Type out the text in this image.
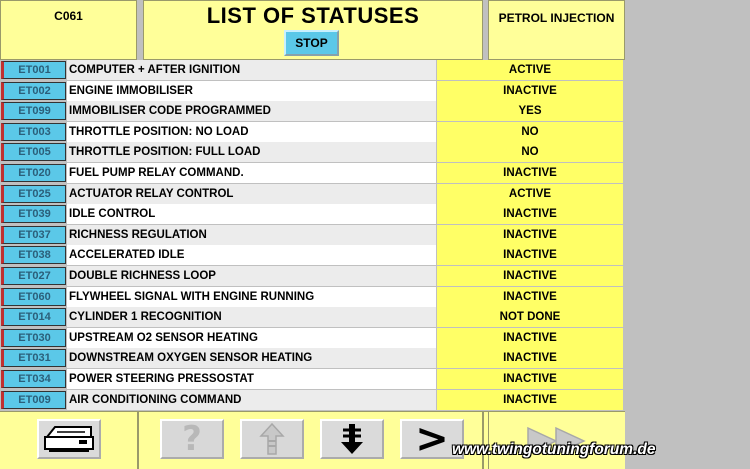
C061	LIST OF STATUSES
STOP
PETROL INJECTION
ET001	COMPUTER + AFTER IGNITION	ACTIVE
ET002	ENGINE IMMOBILISER	INACTIVE
ET099	IMMOBILISER CODE PROGRAMMED	YES
ET003	THROTTLE POSITION: NO LOAD	NO
ET005	THROTTLE POSITION: FULL LOAD	NO
ET020	FUEL PUMP RELAY COMMAND.	INACTIVE
ET025	ACTUATOR RELAY CONTROL	ACTIVE
ET039	IDLE CONTROL	INACTIVE
ET037	RICHNESS REGULATION	INACTIVE
ET038	ACCELERATED IDLE	INACTIVE
ET027	DOUBLE RICHNESS LOOP	INACTIVE
ET060	FLYWHEEL SIGNAL WITH ENGINE RUNNING	INACTIVE
ET014	CYLINDER 1 RECOGNITION	NOT DONE
ET030	UPSTREAM O2 SENSOR HEATING	INACTIVE
ET031	DOWNSTREAM OXYGEN SENSOR HEATING	INACTIVE
ET034	POWER STEERING PRESSOSTAT	INACTIVE
ET009	AIR CONDITIONING COMMAND	INACTIVE
?	> www.twingotuningforum.de
